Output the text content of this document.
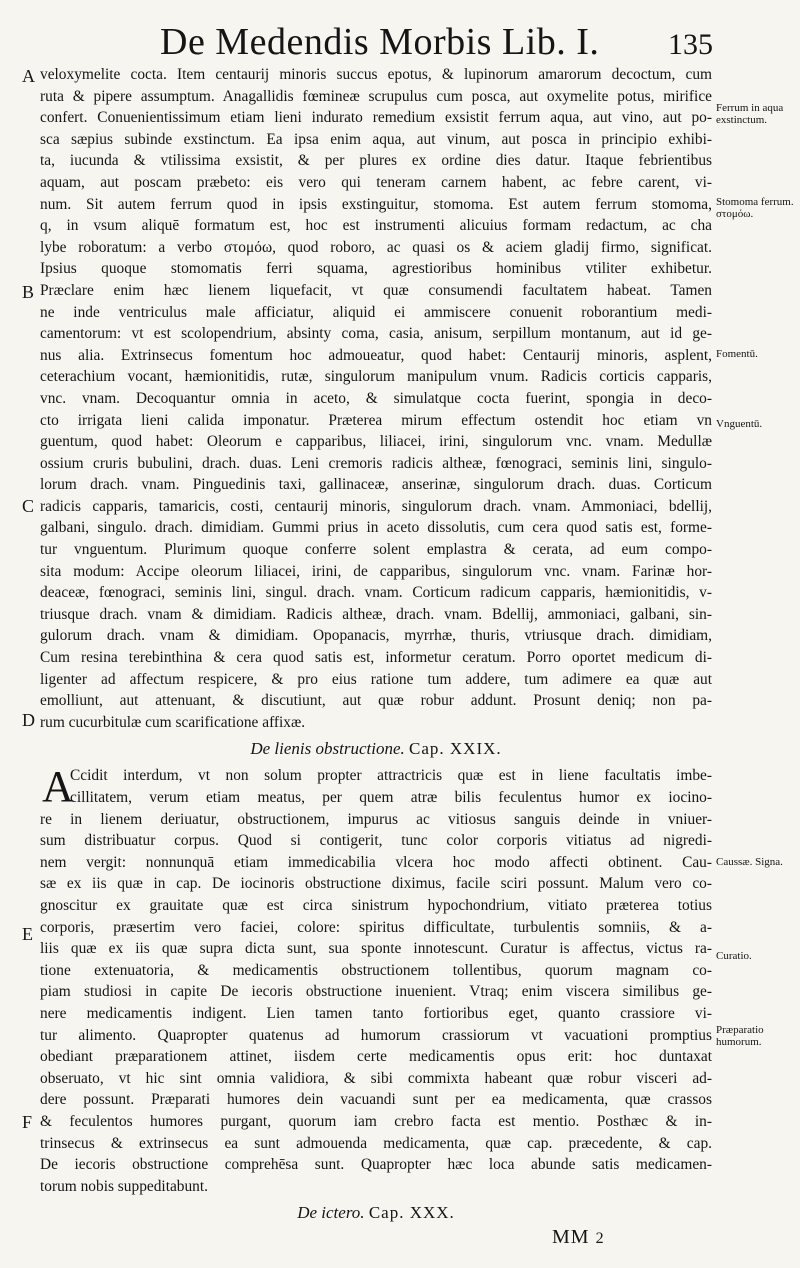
De Medendis Morbis Lib. I. 135
A
B
C
D
E
F
veloxymelite cocta. Item centaurij minoris succus epotus, & lupinorum amarorum decoctum, cum
ruta & pipere assumptum. Anagallidis fœmineæ scrupulus cum posca, aut oxymelite potus, mirifice
confert. Conuenientissimum etiam lieni indurato remedium exsistit ferrum aqua, aut vino, aut po-
sca sæpius subinde exstinctum. Ea ipsa enim aqua, aut vinum, aut posca in principio exhibi-
ta, iucunda & vtilissima exsistit, & per plures ex ordine dies datur. Itaque febrientibus
aquam, aut poscam præbeto: eis vero qui teneram carnem habent, ac febre carent, vi-
num. Sit autem ferrum quod in ipsis exstinguitur, stomoma. Est autem ferrum stomoma,
q, in vsum aliquē formatum est, hoc est instrumenti alicuius formam redactum, ac cha
lybe roboratum: a verbo στομόω, quod roboro, ac quasi os & aciem gladij firmo, significat.
Ipsius quoque stomomatis ferri squama, agrestioribus hominibus vtiliter exhibetur.
Præclare enim hæc lienem liquefacit, vt quæ consumendi facultatem habeat. Tamen
ne inde ventriculus male afficiatur, aliquid ei ammiscere conuenit roborantium medi-
camentorum: vt est scolopendrium, absinty coma, casia, anisum, serpillum montanum, aut id ge-
nus alia. Extrinsecus fomentum hoc admoueatur, quod habet: Centaurij minoris, asplent,
ceterachium vocant, hæmionitidis, rutæ, singulorum manipulum vnum. Radicis corticis capparis,
vnc. vnam. Decoquantur omnia in aceto, & simulatque cocta fuerint, spongia in deco-
cto irrigata lieni calida imponatur. Præterea mirum effectum ostendit hoc etiam vn
guentum, quod habet: Oleorum e capparibus, liliacei, irini, singulorum vnc. vnam. Medullæ
ossium cruris bubulini, drach. duas. Leni cremoris radicis altheæ, fœnograci, seminis lini, singulo-
lorum drach. vnam. Pinguedinis taxi, gallinaceæ, anserinæ, singulorum drach. duas. Corticum
radicis capparis, tamaricis, costi, centaurij minoris, singulorum drach. vnam. Ammoniaci, bdellij,
galbani, singulo. drach. dimidiam. Gummi prius in aceto dissolutis, cum cera quod satis est, forme-
tur vnguentum. Plurimum quoque conferre solent emplastra & cerata, ad eum compo-
sita modum: Accipe oleorum liliacei, irini, de capparibus, singulorum vnc. vnam. Farinæ hor-
deaceæ, fœnograci, seminis lini, singul. drach. vnam. Corticum radicum capparis, hæmionitidis, v-
triusque drach. vnam & dimidiam. Radicis altheæ, drach. vnam. Bdellij, ammoniaci, galbani, sin-
gulorum drach. vnam & dimidiam. Opopanacis, myrrhæ, thuris, vtriusque drach. dimidiam,
Cum resina terebinthina & cera quod satis est, informetur ceratum. Porro oportet medicum di-
ligenter ad affectum respicere, & pro eius ratione tum addere, tum adimere ea quæ aut
emolliunt, aut attenuant, & discutiunt, aut quæ robur addunt. Prosunt deniq; non pa-
rum cucurbitulæ cum scarificatione affixæ.
De lienis obstructione. Cap. XXIX.
A
Ccidit interdum, vt non solum propter attractricis quæ est in liene facultatis imbe-
cillitatem, verum etiam meatus, per quem atræ bilis feculentus humor ex iocino-
re in lienem deriuatur, obstructionem, impurus ac vitiosus sanguis deinde in vniuer-
sum distribuatur corpus. Quod si contigerit, tunc color corporis vitiatus ad nigredi-
nem vergit: nonnunquā etiam immedicabilia vlcera hoc modo affecti obtinent. Cau-
sæ ex iis quæ in cap. De iocinoris obstructione diximus, facile sciri possunt. Malum vero co-
gnoscitur ex grauitate quæ est circa sinistrum hypochondrium, vitiato præterea totius
corporis, præsertim vero faciei, colore: spiritus difficultate, turbulentis somniis, & a-
liis quæ ex iis quæ supra dicta sunt, sua sponte innotescunt. Curatur is affectus, victus ra-
tione extenuatoria, & medicamentis obstructionem tollentibus, quorum magnam co-
piam studiosi in capite De iecoris obstructione inuenient. Vtraq; enim viscera similibus ge-
nere medicamentis indigent. Lien tamen tanto fortioribus eget, quanto crassiore vi-
tur alimento. Quapropter quatenus ad humorum crassiorum vt vacuationi promptius
obediant præparationem attinet, iisdem certe medicamentis opus erit: hoc duntaxat
obseruato, vt hic sint omnia validiora, & sibi commixta habeant quæ robur visceri ad-
dere possunt. Præparati humores dein vacuandi sunt per ea medicamenta, quæ crassos
& feculentos humores purgant, quorum iam crebro facta est mentio. Posthæc & in-
trinsecus & extrinsecus ea sunt admouenda medicamenta, quæ cap. præcedente, & cap.
De iecoris obstructione comprehēsa sunt. Quapropter hæc loca abunde satis medicamen-
torum nobis suppeditabunt.
De ictero. Cap. XXX.
Ferrum in aqua exstinctum.
Stomoma ferrum. στομόω.
Fomentū.
Vnguentū.
Caussæ. Signa.
Curatio.
Præparatio humorum.
MM 2
